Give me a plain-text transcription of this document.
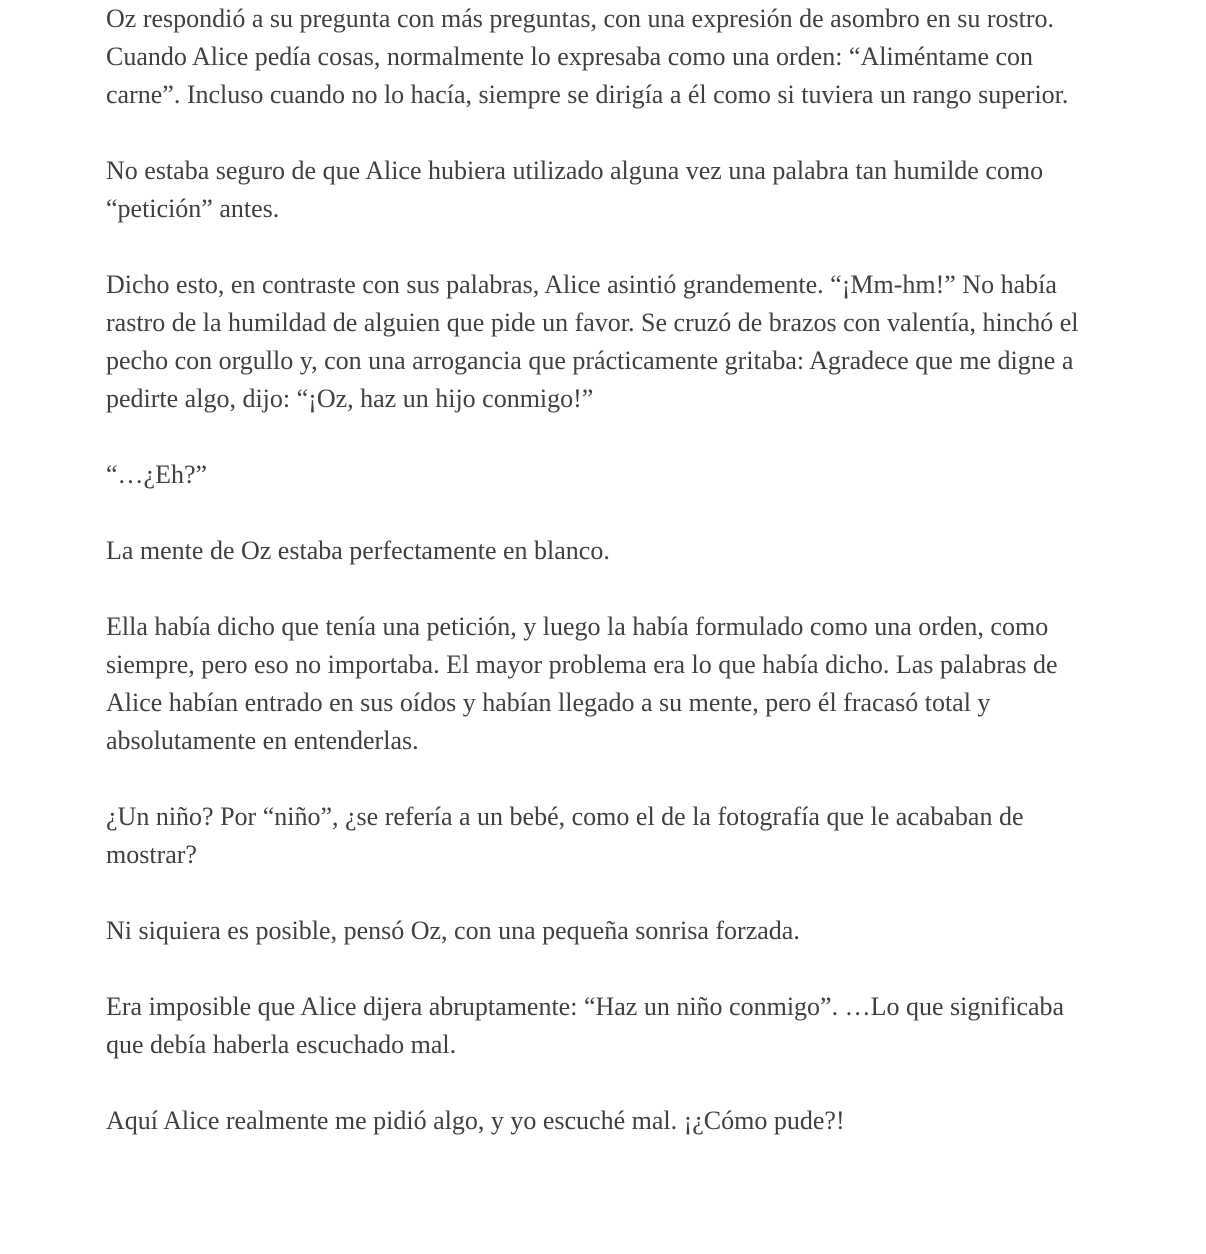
Oz respondió a su pregunta con más preguntas, con una expresión de asombro en su rostro. Cuando Alice pedía cosas, normalmente lo expresaba como una orden: “Aliméntame con carne”. Incluso cuando no lo hacía, siempre se dirigía a él como si tuviera un rango superior.

No estaba seguro de que Alice hubiera utilizado alguna vez una palabra tan humilde como “petición” antes.

Dicho esto, en contraste con sus palabras, Alice asintió grandemente. “¡Mm-hm!” No había rastro de la humildad de alguien que pide un favor. Se cruzó de brazos con valentía, hinchó el pecho con orgullo y, con una arrogancia que prácticamente gritaba: Agradece que me digne a pedirte algo, dijo: “¡Oz, haz un hijo conmigo!”

“…¿Eh?”

La mente de Oz estaba perfectamente en blanco.

Ella había dicho que tenía una petición, y luego la había formulado como una orden, como siempre, pero eso no importaba. El mayor problema era lo que había dicho. Las palabras de Alice habían entrado en sus oídos y habían llegado a su mente, pero él fracasó total y absolutamente en entenderlas.

¿Un niño? Por “niño”, ¿se refería a un bebé, como el de la fotografía que le acababan de mostrar?

Ni siquiera es posible, pensó Oz, con una pequeña sonrisa forzada.

Era imposible que Alice dijera abruptamente: “Haz un niño conmigo”. …Lo que significaba que debía haberla escuchado mal.

Aquí Alice realmente me pidió algo, y yo escuché mal. ¡¿Cómo pude?!
